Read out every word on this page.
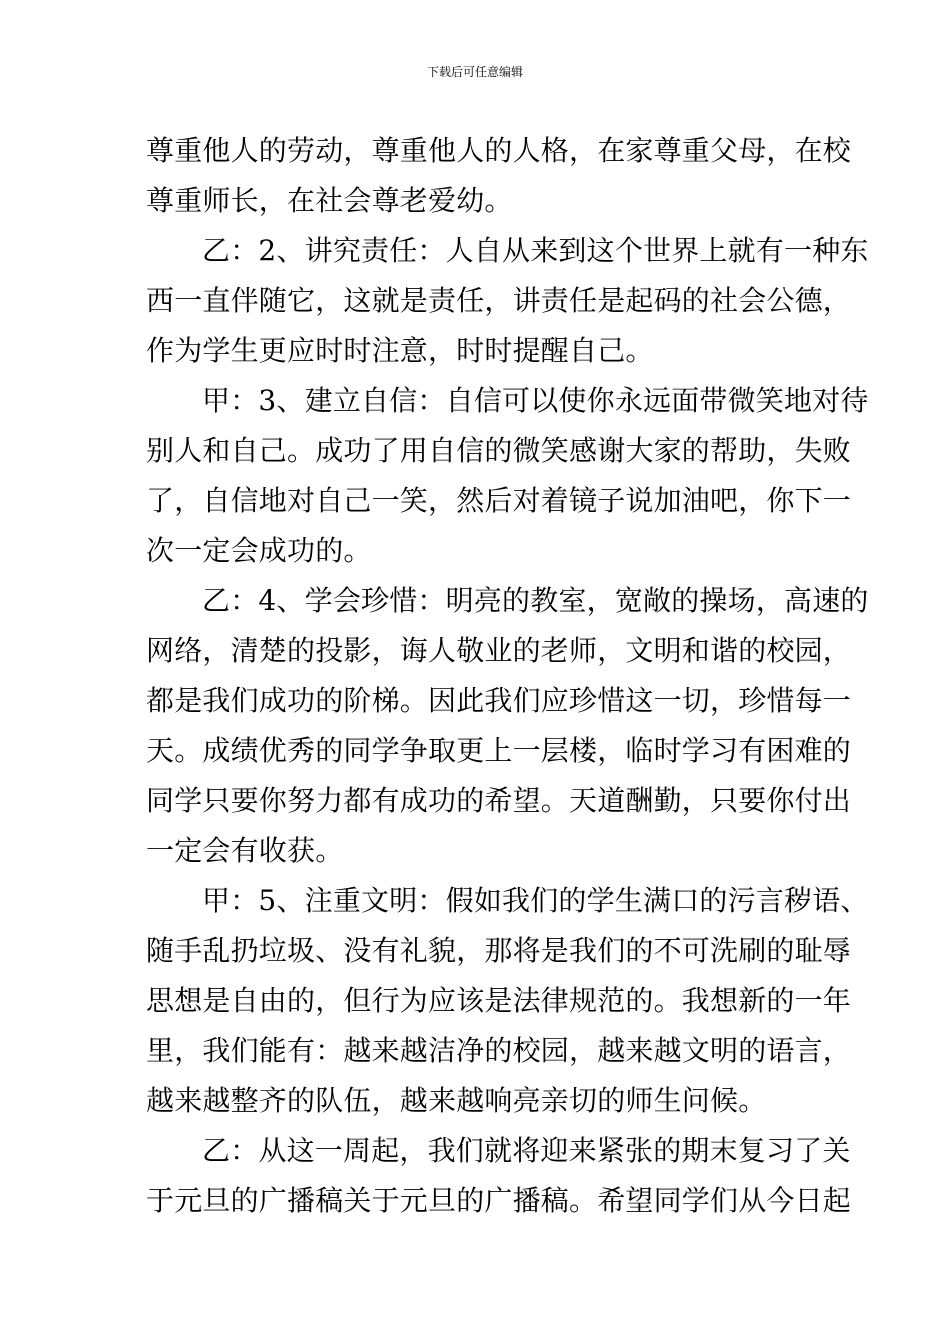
下载后可任意编辑
尊重他人的劳动，尊重他人的人格，在家尊重父母，在校
尊重师长，在社会尊老爱幼。
乙：2、讲究责任：人自从来到这个世界上就有一种东
西一直伴随它，这就是责任，讲责任是起码的社会公德，
作为学生更应时时注意，时时提醒自己。
甲：3、建立自信：自信可以使你永远面带微笑地对待
别人和自己。成功了用自信的微笑感谢大家的帮助，失败
了，自信地对自己一笑，然后对着镜子说加油吧，你下一
次一定会成功的。
乙：4、学会珍惜：明亮的教室，宽敞的操场，高速的
网络，清楚的投影，诲人敬业的老师，文明和谐的校园，
都是我们成功的阶梯。因此我们应珍惜这一切，珍惜每一
天。成绩优秀的同学争取更上一层楼，临时学习有困难的
同学只要你努力都有成功的希望。天道酬勤，只要你付出
一定会有收获。
甲：5、注重文明：假如我们的学生满口的污言秽语、
随手乱扔垃圾、没有礼貌，那将是我们的不可洗刷的耻辱
思想是自由的，但行为应该是法律规范的。我想新的一年
里，我们能有：越来越洁净的校园，越来越文明的语言，
越来越整齐的队伍，越来越响亮亲切的师生问候。
乙：从这一周起，我们就将迎来紧张的期末复习了关
于元旦的广播稿关于元旦的广播稿。希望同学们从今日起
